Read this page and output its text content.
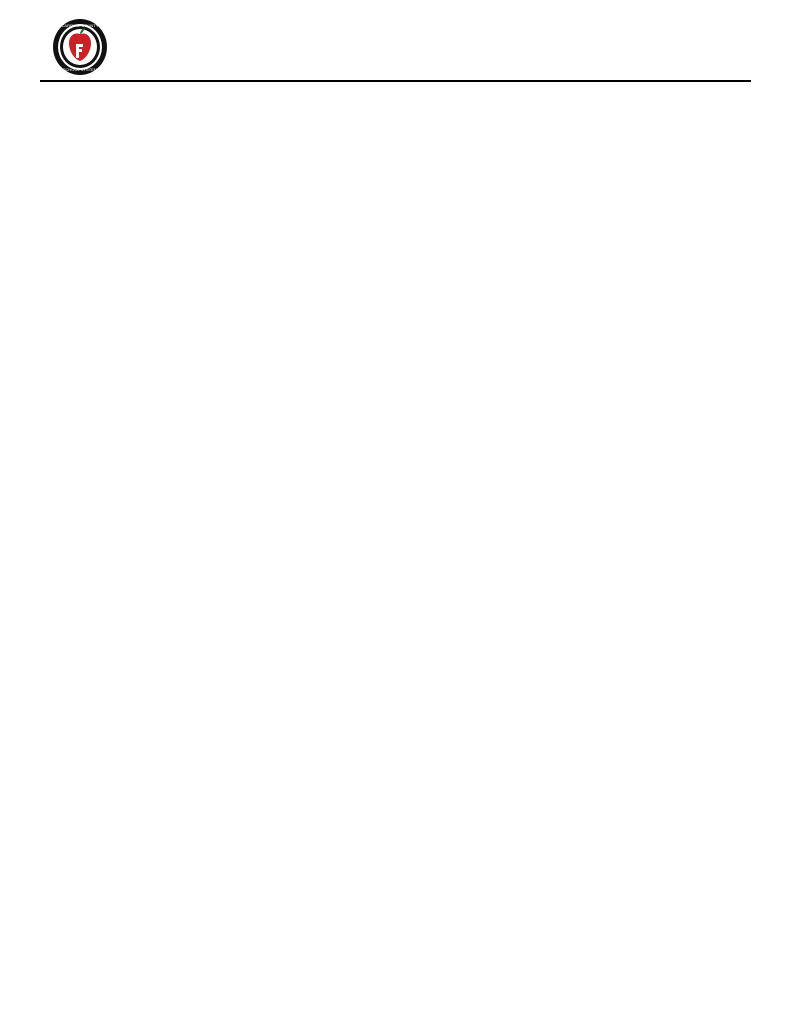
CARROLL COUNTY
SCHOOL SYSTEM
